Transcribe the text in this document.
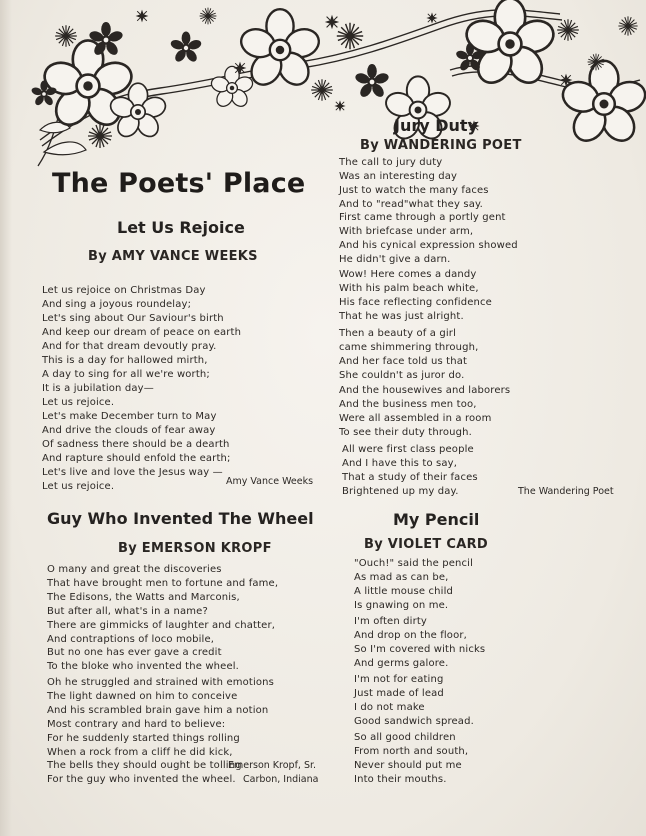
The Poets' Place
Let Us Rejoice
By AMY VANCE WEEKS
Let us rejoice on Christmas Day
And sing a joyous roundelay;
Let's sing about Our Saviour's birth
And keep our dream of peace on earth
And for that dream devoutly pray.
This is a day for hallowed mirth,
A day to sing for all we're worth;
It is a jubilation day—
Let us rejoice.
Let's make December turn to May
And drive the clouds of fear away
Of sadness there should be a dearth
And rapture should enfold the earth;
Let's live and love the Jesus way —
Let us rejoice.	Amy Vance Weeks
Jury Duty
By WANDERING POET
The call to jury duty
Was an interesting day
Just to watch the many faces
And to "read"what they say.
First came through a portly gent
With briefcase under arm,
And his cynical expression showed
He didn't give a darn.
Wow! Here comes a dandy
With his palm beach white,
His face reflecting confidence
That he was just alright.
Then a beauty of a girl
came shimmering through,
And her face told us that
She couldn't as juror do.
And the housewives and laborers
And the business men too,
Were all assembled in a room
To see their duty through.
All were first class people
And I have this to say,
That a study of their faces
Brightened up my day.	The Wandering Poet
Guy Who Invented The Wheel
By EMERSON KROPF
O many and great the discoveries
That have brought men to fortune and fame,
The Edisons, the Watts and Marconis,
But after all, what's in a name?
There are gimmicks of laughter and chatter,
And contraptions of loco mobile,
But no one has ever gave a credit
To the bloke who invented the wheel.
Oh he struggled and strained with emotions
The light dawned on him to conceive
And his scrambled brain gave him a notion
Most contrary and hard to believe:
For he suddenly started things rolling
When a rock from a cliff he did kick,
The bells they should ought be tolling
For the guy who invented the wheel.
Emerson Kropf, Sr.
Carbon, Indiana
My Pencil
By VIOLET CARD
"Ouch!" said the pencil
As mad as can be,
A little mouse child
Is gnawing on me.
I'm often dirty
And drop on the floor,
So I'm covered with nicks
And germs galore.
I'm not for eating
Just made of lead
I do not make
Good sandwich spread.
So all good children
From north and south,
Never should put me
Into their mouths.
